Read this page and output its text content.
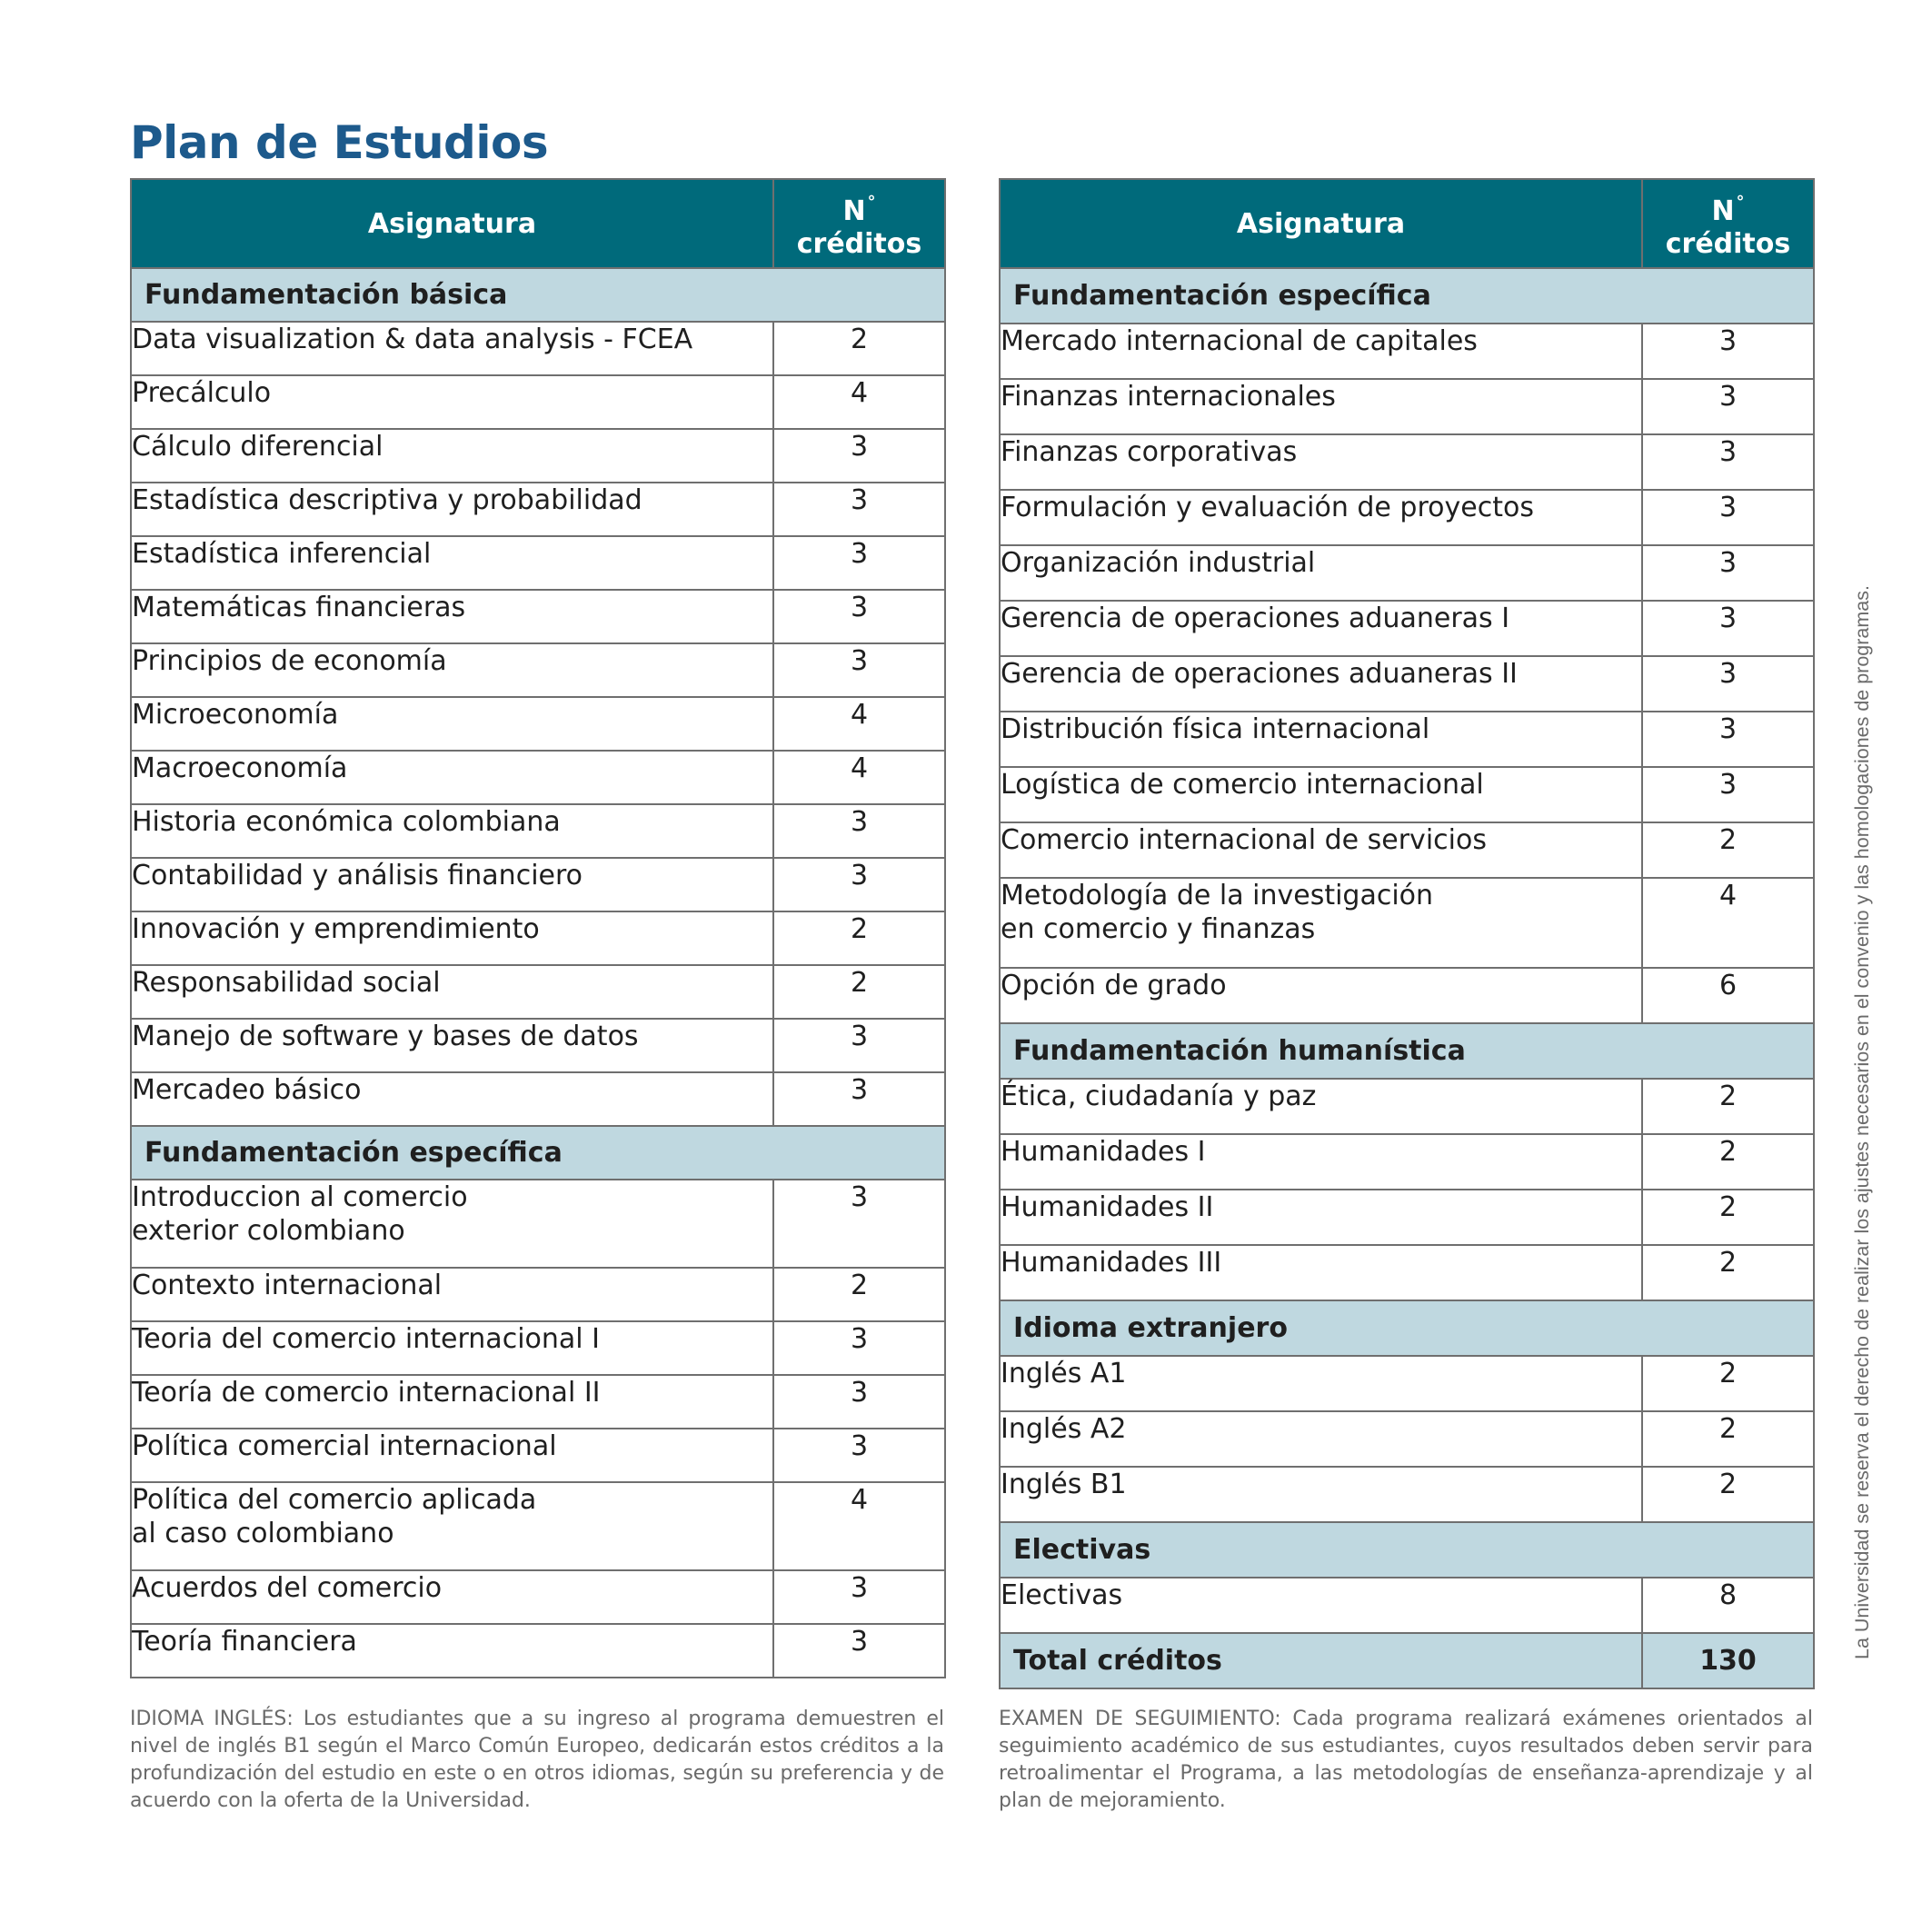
Plan de Estudios
Asignatura	N °
créditos

Fundamentación básica	
Data visualization & data analysis - FCEA	2
Precálculo	4
Cálculo diferencial	3
Estadística descriptiva y probabilidad	3
Estadística inferencial	3
Matemáticas financieras	3
Principios de economía	3
Microeconomía	4
Macroeconomía	4
Historia económica colombiana	3
Contabilidad y análisis financiero	3
Innovación y emprendimiento	2
Responsabilidad social	2
Manejo de software y bases de datos	3
Mercadeo básico	3
Fundamentación específica	
Introduccion al comercio
exterior colombiano	3
Contexto internacional	2
Teoria del comercio internacional I	3
Teoría de comercio internacional II	3
Política comercial internacional	3
Política del comercio aplicada
al caso colombiano	4
Acuerdos del comercio	3
Teoría financiera	3
Asignatura	N °
créditos

Fundamentación específica	
Mercado internacional de capitales	3
Finanzas internacionales	3
Finanzas corporativas	3
Formulación y evaluación de proyectos	3
Organización industrial	3
Gerencia de operaciones aduaneras I	3
Gerencia de operaciones aduaneras II	3
Distribución física internacional	3
Logística de comercio internacional	3
Comercio internacional de servicios	2
Metodología de la investigación
en comercio y finanzas	4
Opción de grado	6
Fundamentación humanística	
Ética, ciudadanía y paz	2
Humanidades I	2
Humanidades II	2
Humanidades III	2
Idioma extranjero	
Inglés A1	2
Inglés A2	2
Inglés B1	2
Electivas	
Electivas	8
Total créditos	130

IDIOMA INGLÉS: Los estudiantes que a su ingreso al programa demuestren el nivel de inglés B1 según el Marco Común Europeo, dedicarán estos créditos a la profundización del estudio en este o en otros idiomas, según su preferencia y de acuerdo con la oferta de la Universidad.

EXAMEN DE SEGUIMIENTO: Cada programa realizará exámenes orientados al seguimiento académico de sus estudiantes, cuyos resultados deben servir para retroalimentar el Programa, a las metodologías de enseñanza-aprendizaje y al plan de mejoramiento.

La Universidad se reserva el derecho de realizar los ajustes necesarios en el convenio y las homologaciones de programas.
